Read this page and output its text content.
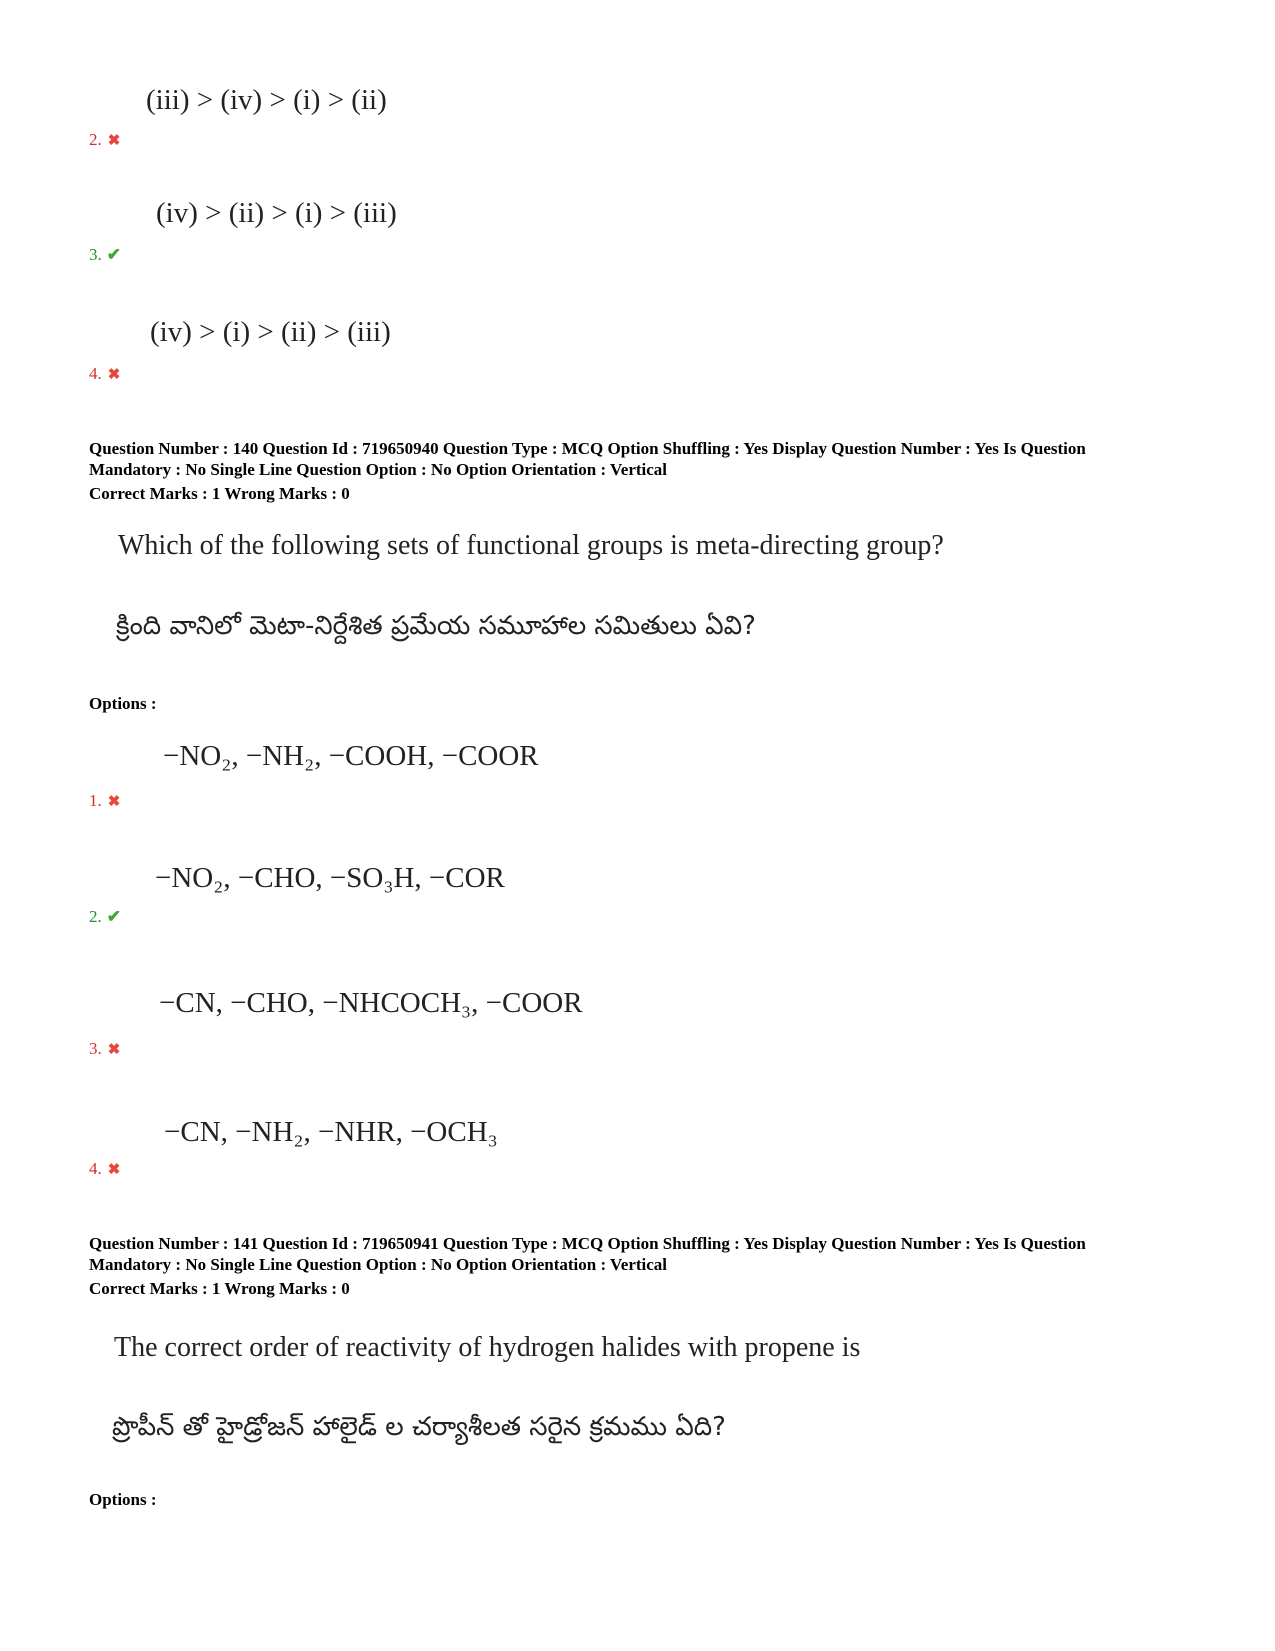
(iii) > (iv) > (i) > (ii)
2. ✖
(iv) > (ii) > (i) > (iii)
3. ✔
(iv) > (i) > (ii) > (iii)
4. ✖
Question Number : 140 Question Id : 719650940 Question Type : MCQ Option Shuffling : Yes Display Question Number : Yes Is Question
Mandatory : No Single Line Question Option : No Option Orientation : Vertical
Correct Marks : 1 Wrong Marks : 0
Which of the following sets of functional groups is meta-directing group?
క్రింది వానిలో మెటా-నిర్దేశిత ప్రమేయ సమూహాల సమితులు ఏవి?
Options :
−NO₂, −NH₂, −COOH, −COOR
1. ✖
−NO₂, −CHO, −SO₃H, −COR
2. ✔
−CN, −CHO, −NHCOCH₃, −COOR
3. ✖
−CN, −NH₂, −NHR, −OCH₃
4. ✖
Question Number : 141 Question Id : 719650941 Question Type : MCQ Option Shuffling : Yes Display Question Number : Yes Is Question
Mandatory : No Single Line Question Option : No Option Orientation : Vertical
Correct Marks : 1 Wrong Marks : 0
The correct order of reactivity of hydrogen halides with propene is
ప్రొపీన్ తో హైడ్రోజన్ హాలైడ్ ల చర్యాశీలత సరైన క్రమము ఏది?
Options :
